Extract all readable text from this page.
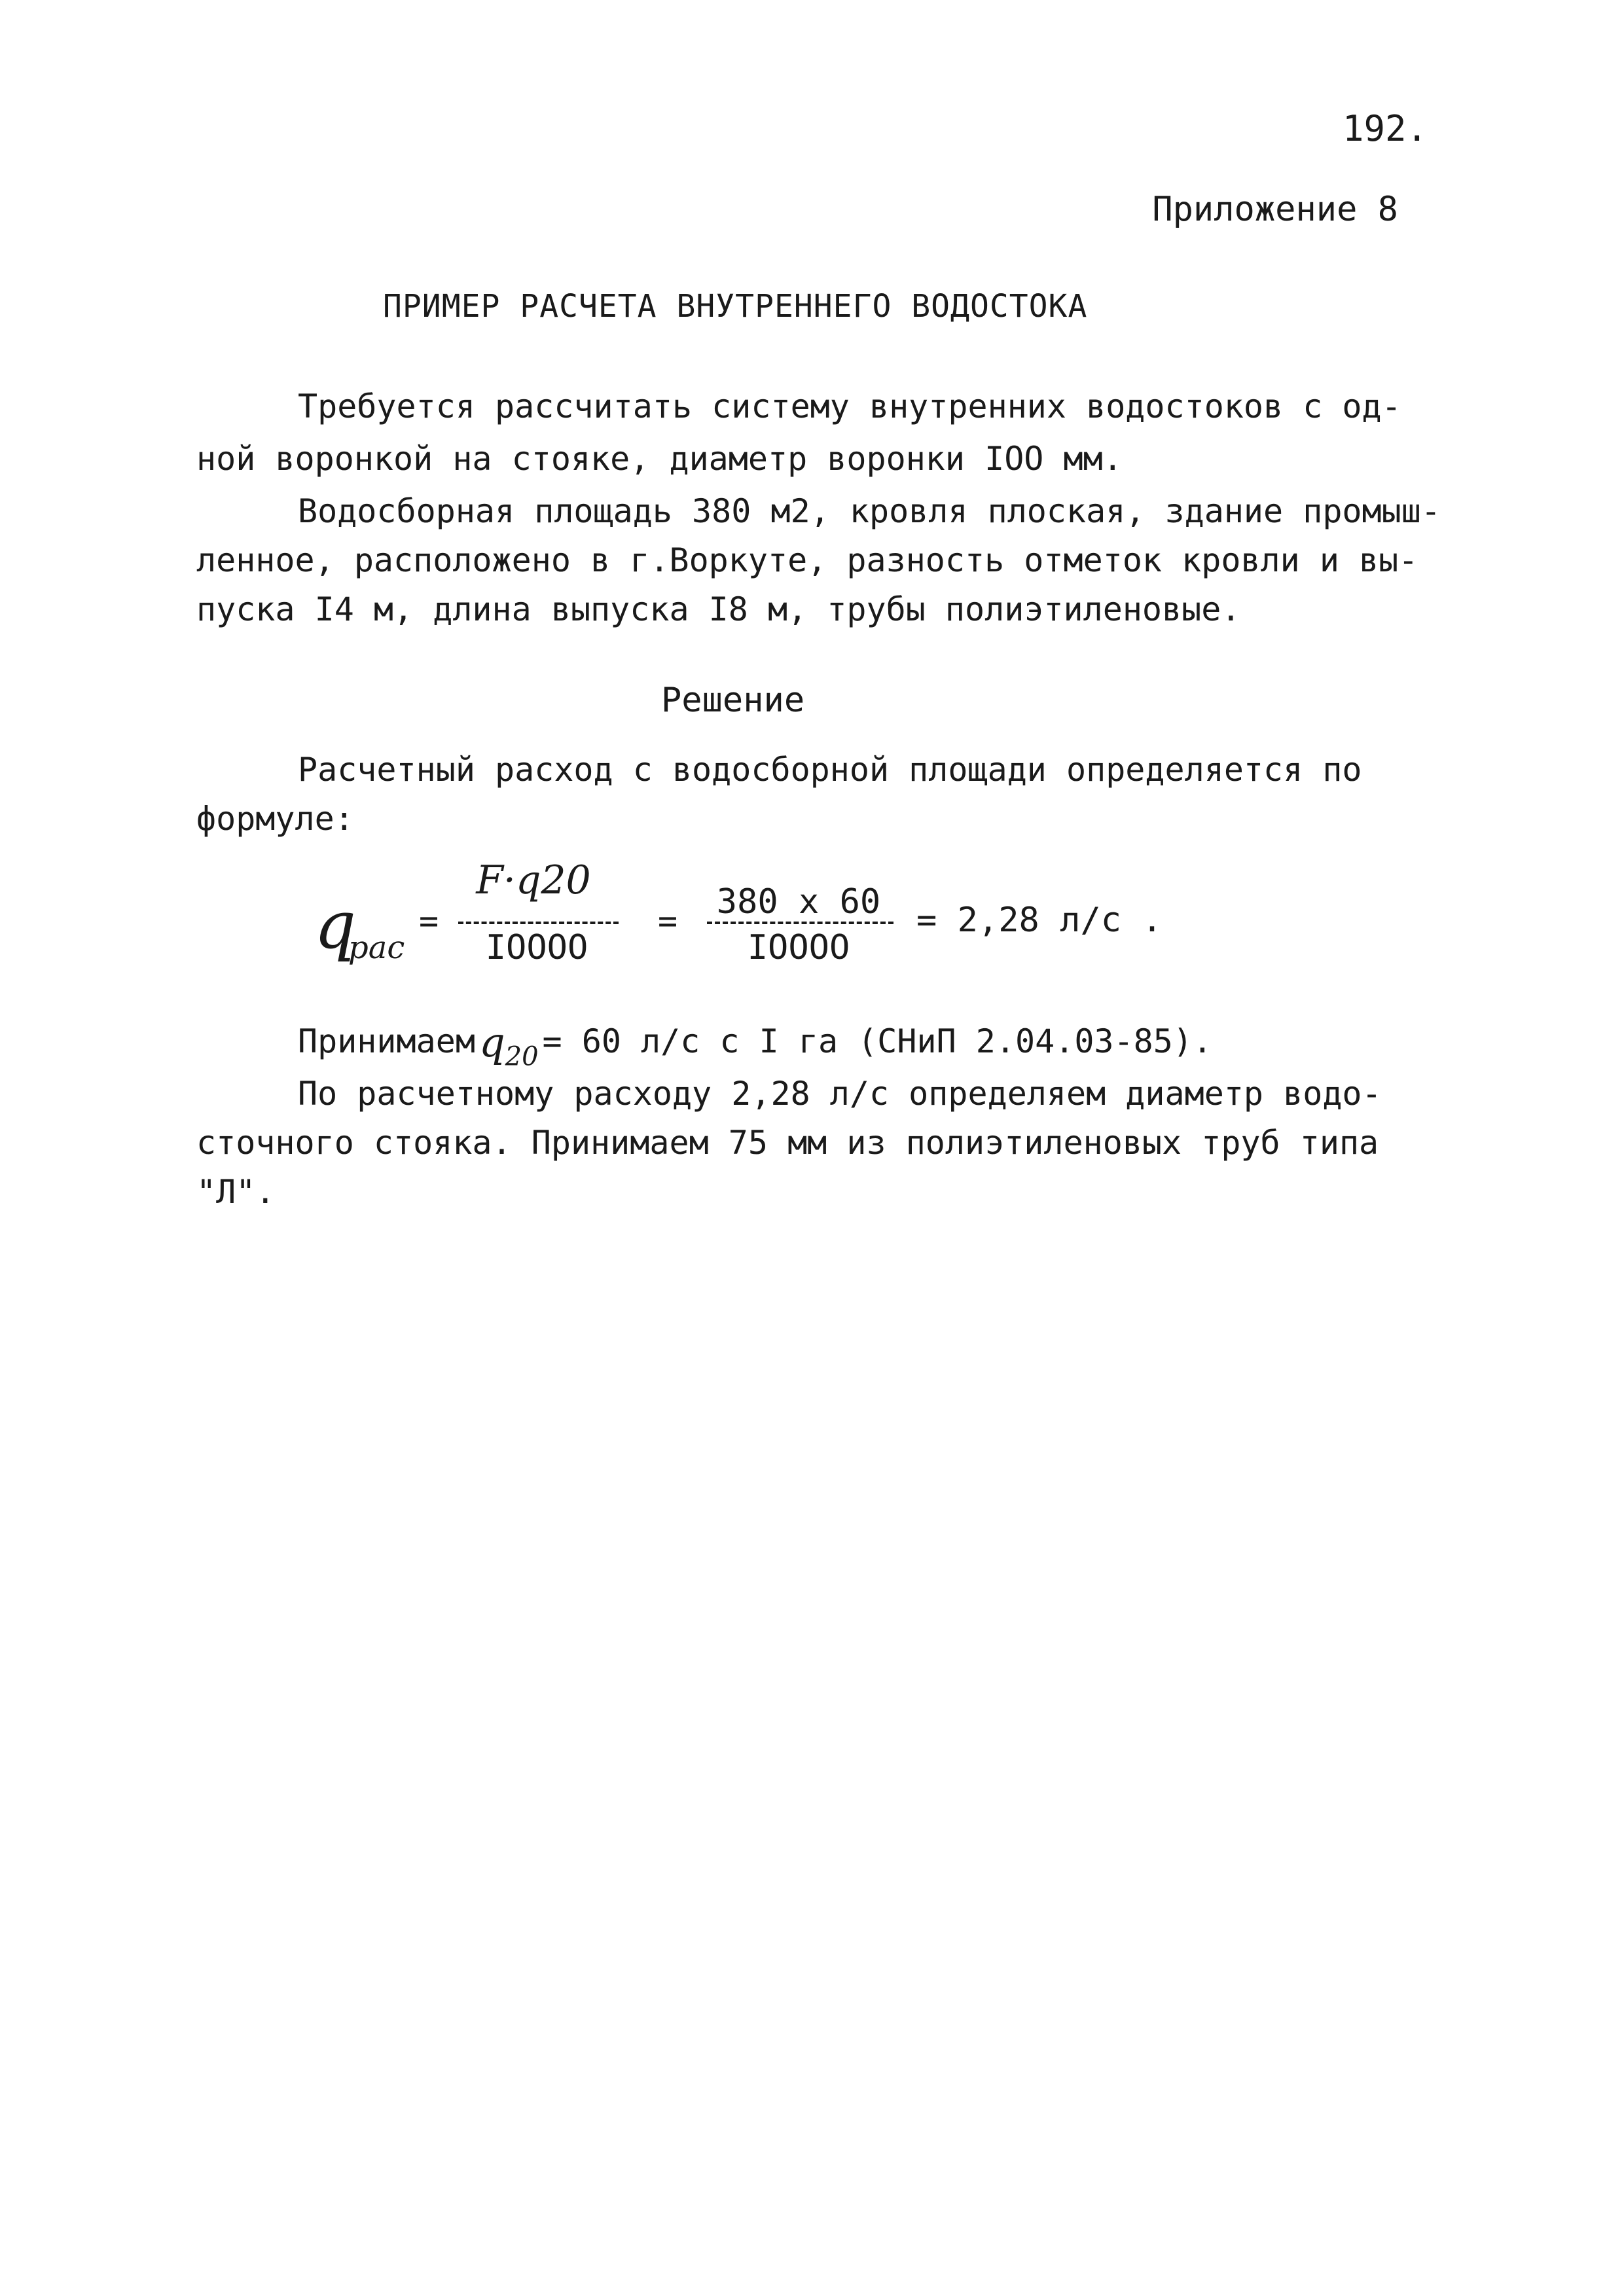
192.
Приложение 8
ПРИМЕР РАСЧЕТА ВНУТРЕННЕГО ВОДОСТОКА
Требуется рассчитать систему внутренних водостоков с од-
ной воронкой на стояке, диаметр воронки IOO мм.
Водосборная площадь 380 м2, кровля плоская, здание промыш-
ленное, расположено в г.Воркуте, разность отметок кровли и вы-
пуска I4 м, длина выпуска I8 м, трубы полиэтиленовые.
Решение
Расчетный расход с водосборной площади определяется по
формуле:
q
рас
=
F·q20
IOOOO
=	380 x 60
IOOOO
= 2,28 л/с .
Принимаемq$_{20}$ = 60 л/с с I га (СНиП 2.04.03-85).
По расчетному расходу 2,28 л/с определяем диаметр водо-
сточного стояка. Принимаем 75 мм из полиэтиленовых труб типа
"Л".
